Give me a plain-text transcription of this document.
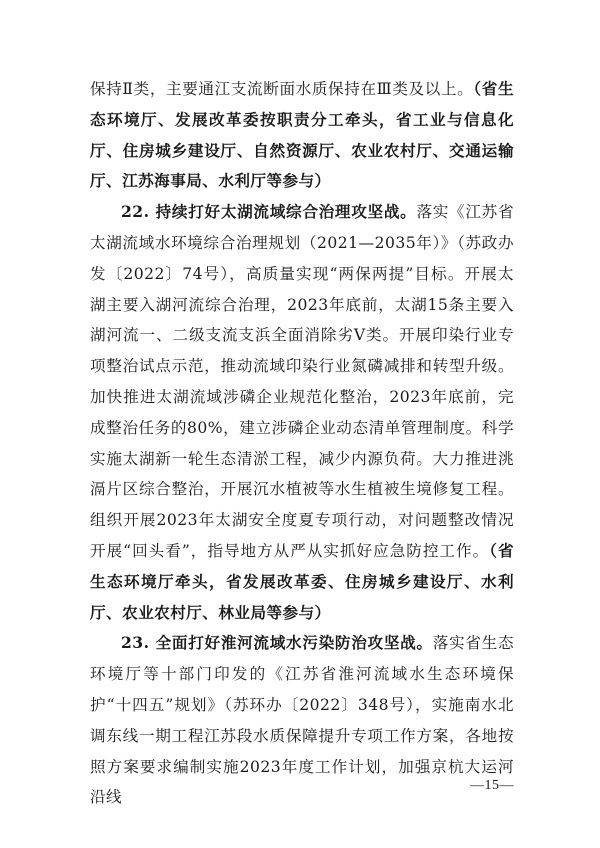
保持Ⅱ类，主要通江支流断面水质保持在Ⅲ类及以上。（省生态环境厅、发展改革委按职责分工牵头，省工业与信息化厅、住房城乡建设厅、自然资源厅、农业农村厅、交通运输厅、江苏海事局、水利厅等参与）

22. 持续打好太湖流域综合治理攻坚战。落实《江苏省太湖流域水环境综合治理规划（2021—2035年）》（苏政办发〔2022〕74号），高质量实现“两保两提”目标。开展太湖主要入湖河流综合治理，2023年底前，太湖15条主要入湖河流一、二级支流支浜全面消除劣Ⅴ类。开展印染行业专项整治试点示范，推动流域印染行业氮磷减排和转型升级。加快推进太湖流域涉磷企业规范化整治，2023年底前，完成整治任务的80%，建立涉磷企业动态清单管理制度。科学实施太湖新一轮生态清淤工程，减少内源负荷。大力推进洮滆片区综合整治，开展沉水植被等水生植被生境修复工程。组织开展2023年太湖安全度夏专项行动，对问题整改情况开展“回头看”，指导地方从严从实抓好应急防控工作。（省生态环境厅牵头，省发展改革委、住房城乡建设厅、水利厅、农业农村厅、林业局等参与）

23. 全面打好淮河流域水污染防治攻坚战。落实省生态环境厅等十部门印发的《江苏省淮河流域水生态环境保护“十四五”规划》（苏环办〔2022〕348号），实施南水北调东线一期工程江苏段水质保障提升专项工作方案，各地按照方案要求编制实施2023年度工作计划，加强京杭大运河沿线

—15—
